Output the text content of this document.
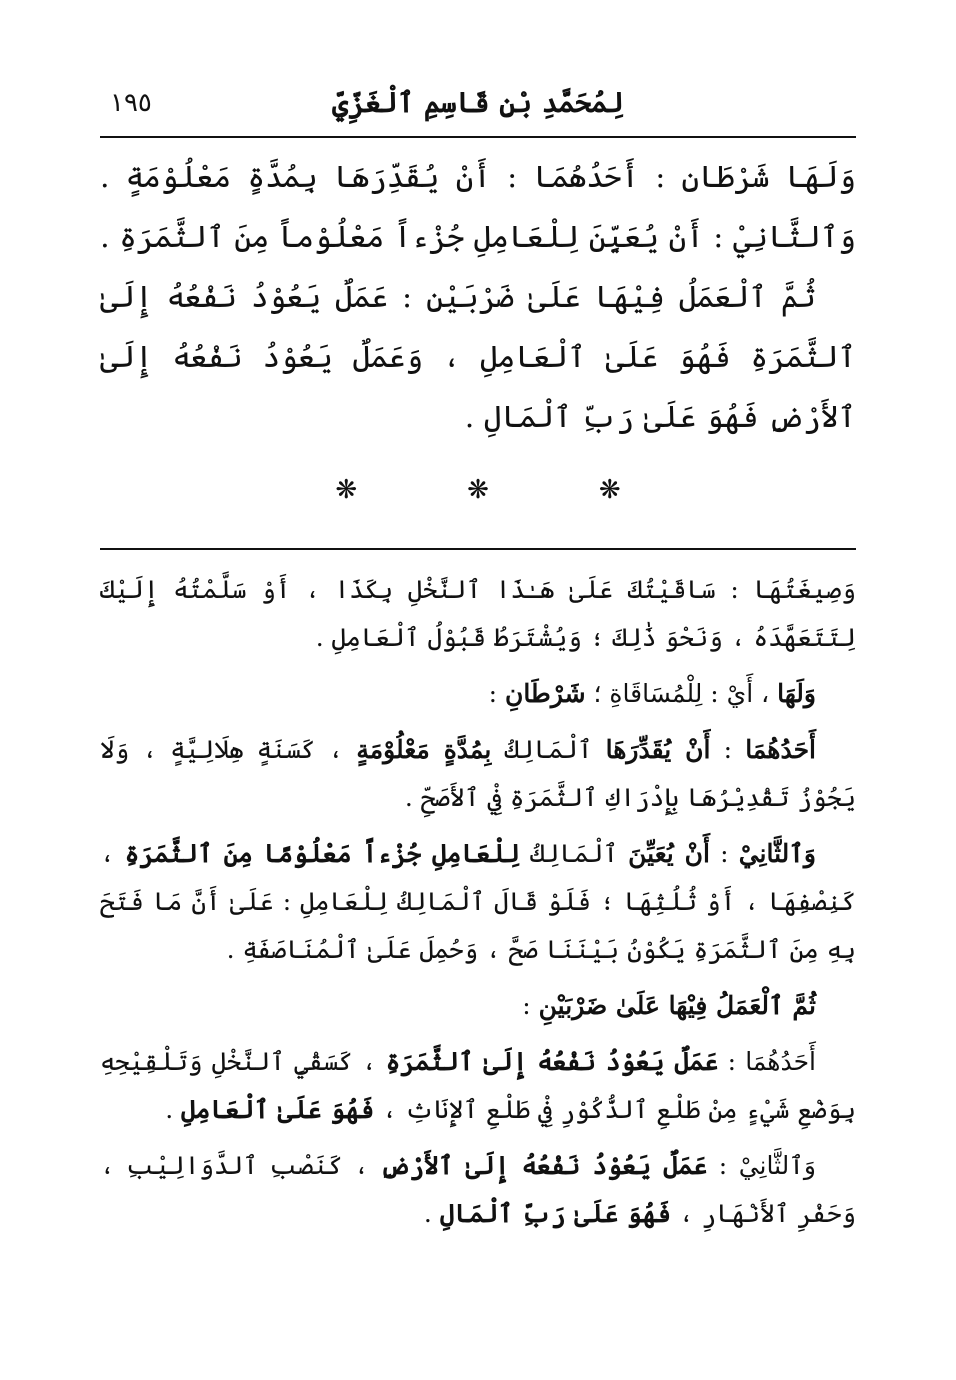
لِمُحَمَّدِ بْنِ قَاسِمِ ٱلْغَزِّيِّ
١٩٥

وَلَهَا شَرْطَانِ : أَحَدُهُمَا : أَنْ يُقَدِّرَهَا بِمُدَّةٍ مَعْلُوْمَةٍ . وَٱلثَّانِيْ : أَنْ يُعَيِّنَ لِلْعَامِلِ جُزْءاً مَعْلُوْماً مِنَ ٱلثَّمَرَةِ .

ثُمَّ ٱلْعَمَلُ فِيْهَا عَلَىٰ ضَرْبَيْنِ : عَمَلٌ يَعُوْدُ نَفْعُهُ إِلَىٰ ٱلثَّمَرَةِ فَهُوَ عَلَىٰ ٱلْعَامِلِ ، وَعَمَلٌ يَعُوْدُ نَفْعُهُ إِلَىٰ ٱلأَرْضِ فَهُوَ عَلَىٰ رَبِّ ٱلْمَالِ .

❋
❋
❋

وَصِيغَتُهَا : سَاقَيْتُكَ عَلَىٰ هَـٰذَا ٱلنَّخْلِ بِكَذَا ، أَوْ سَلَّمْتُهُ إِلَيْكَ لِتَتَعَهَّدَهُ ، وَنَحْوَ ذَٰلِكَ ؛ وَيُشْتَرَطُ قَبُوْلُ ٱلْعَامِلِ .

وَلَهَا ، أَيْ : لِلْمُسَاقَاةِ ؛ شَرْطَانِ :

أَحَدُهُمَا : أَنْ يُقَدِّرَهَا ٱلْمَالِكُ بِمُدَّةٍ مَعْلُوْمَةٍ ، كَسَنَةٍ هِلَالِيَّةٍ ، وَلَا يَجُوْزُ تَقْدِيْرُهَا بِإِدْرَاكِ ٱلثَّمَرَةِ فِيْ ٱلأَصَحِّ .

وَٱلثَّانِيْ : أَنْ يُعَيِّنَ ٱلْمَالِكُ لِلْعَامِلِ جُزْءاً مَعْلُوْمًا مِنَ ٱلثَّمَرَةِ ، كَنِصْفِهَا ، أَوْ ثُلُثِهَا ؛ فَلَوْ قَالَ ٱلْمَالِكُ لِلْعَامِلِ : عَلَىٰ أَنَّ مَا فَتَحَ بِهِ مِنَ ٱلثَّمَرَةِ يَكُوْنُ بَيْنَنَا صَحَّ ، وَحُمِلَ عَلَىٰ ٱلْمُنَاصَفَةِ .

ثُمَّ ٱلْعَمَلُ فِيْهَا عَلَىٰ ضَرْبَيْنِ :

أَحَدُهُمَا : عَمَلٌ يَعُوْدُ نَفْعُهُ إِلَىٰ ٱلثَّمَرَةِ ، كَسَقْيِ ٱلنَّخْلِ وَتَلْقِيْحِهِ بِوَضْعِ شَيْءٍ مِنْ طَلْعِ ٱلذُّكُوْرِ فِيْ طَلْعِ ٱلإِنَاثِ ، فَهُوَ عَلَىٰ ٱلْعَامِلِ .

وَٱلثَّانِيْ : عَمَلٌ يَعُوْدُ نَفْعُهُ إِلَىٰ ٱلأَرْضِ ، كَنَصْبِ ٱلدَّوَالِيْبِ ، وَحَفْرِ ٱلأَنْهَارِ ، فَهُوَ عَلَىٰ رَبِّ ٱلْمَالِ .
